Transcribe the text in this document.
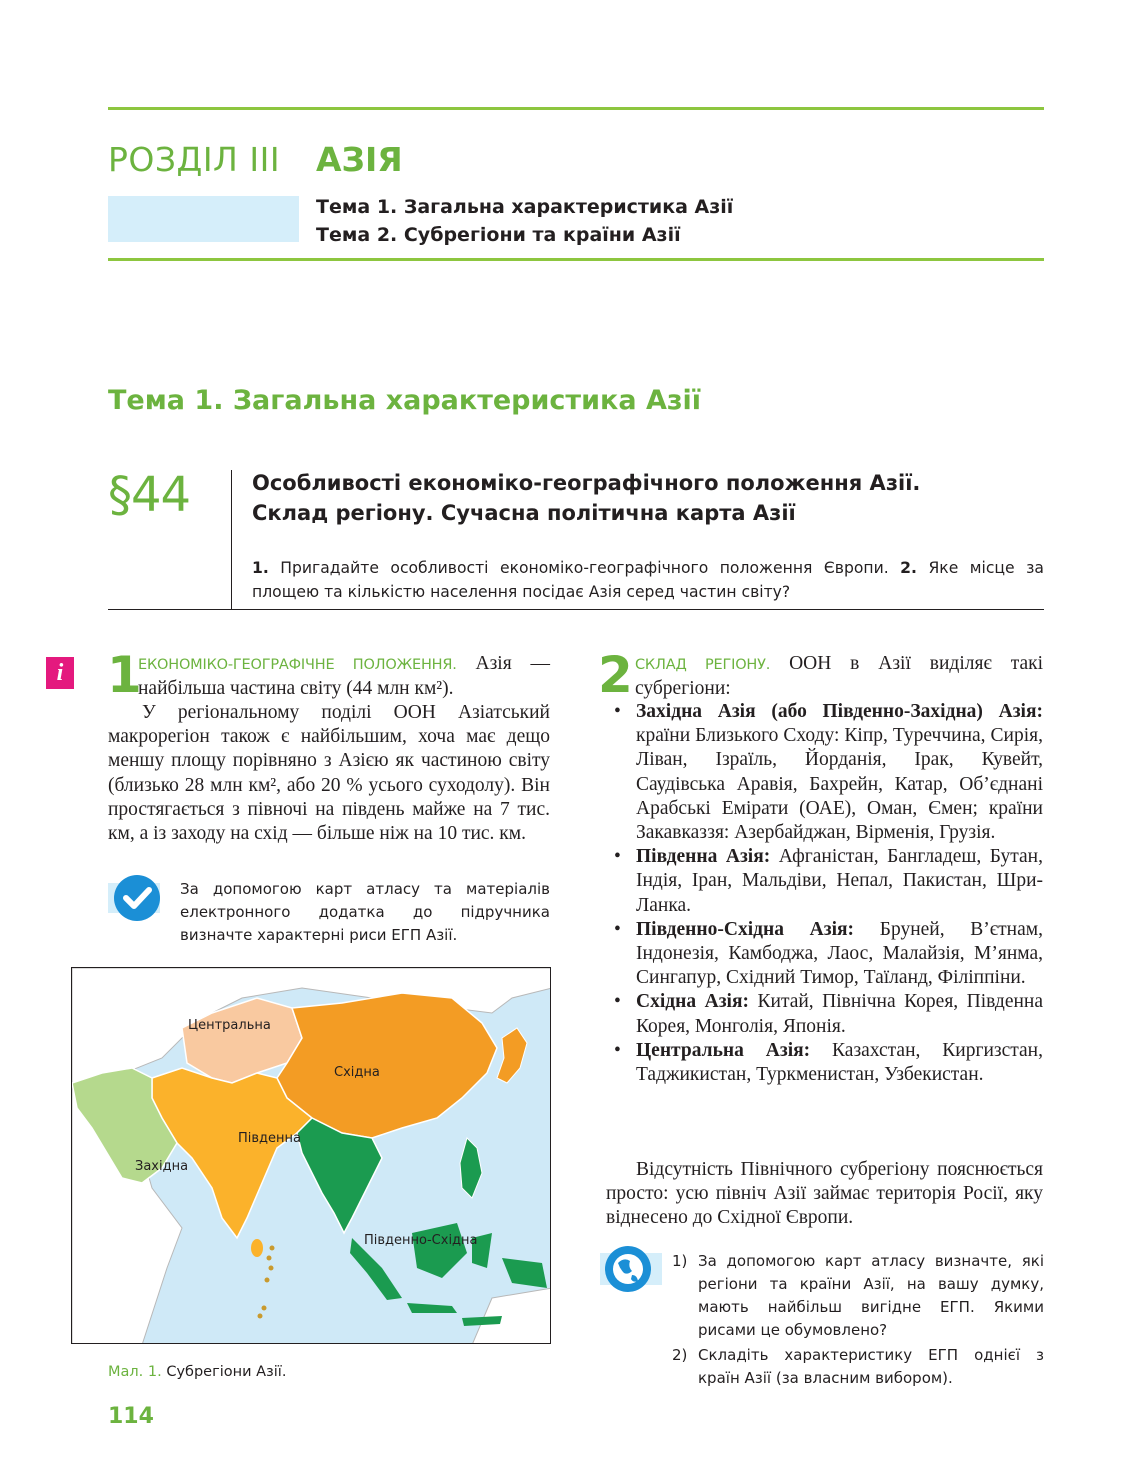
РОЗДІЛ ІІІ АЗІЯ
Тема 1. Загальна характеристика Азії
Тема 2. Субрегіони та країни Азії
Тема 1. Загальна характеристика Азії
§44	Особливості економіко-географічного положення Азії.
Склад регіону. Сучасна політична карта Азії
1. Пригадайте особливості економіко-географічного положення Європи. 2. Яке місце за площею та кількістю населення посідає Азія серед частин світу?
i 1
ЕКОНОМІКО-ГЕОГРАФІЧНЕ ПОЛОЖЕННЯ. Азія — найбільша частина світу (44 млн км²).
У регіональному поділі ООН Азіатський макрорегіон також є найбільшим, хоча має дещо меншу площу порівняно з Азією як частиною світу (близько 28 млн км², або 20 % усього суходолу). Він простягається з півночі на південь майже на 7 тис. км, а із заходу на схід — більше ніж на 10 тис. км.
За допомогою карт атласу та матеріалів електронного додатка до підручника визначте характерні риси ЕГП Азії.
Центральна
Східна
Південна
Західна
Південно-Східна
Мал. 1. Субрегіони Азії.
2 СКЛАД РЕГІОНУ. ООН в Азії виділяє такі субрегіони:
• Західна Азія (або Південно-Західна) Азія: країни Близького Сходу: Кіпр, Туреччина, Сирія, Ліван, Ізраїль, Йорданія, Ірак, Кувейт, Саудівська Аравія, Бахрейн, Катар, Об’єднані Арабські Емірати (ОАЕ), Оман, Ємен; країни Закавказзя: Азербайджан, Вірменія, Грузія.
• Південна Азія: Афганістан, Бангладеш, Бутан, Індія, Іран, Мальдіви, Непал, Пакистан, Шри-Ланка.
• Південно-Східна Азія: Бруней, В’єтнам, Індонезія, Камбоджа, Лаос, Малайзія, М’янма, Сингапур, Східний Тимор, Таїланд, Філіппіни.
• Східна Азія: Китай, Північна Корея, Південна Корея, Монголія, Японія.
• Центральна Азія: Казахстан, Киргизстан, Таджикистан, Туркменистан, Узбекистан.
Відсутність Північного субрегіону пояснюється просто: усю північ Азії займає територія Росії, яку віднесено до Східної Європи.
1) За допомогою карт атласу визначте, які регіони та країни Азії, на вашу думку, мають найбільш вигідне ЕГП. Якими рисами це обумовлено?
2) Складіть характеристику ЕГП однієї з країн Азії (за власним вибором).
114
